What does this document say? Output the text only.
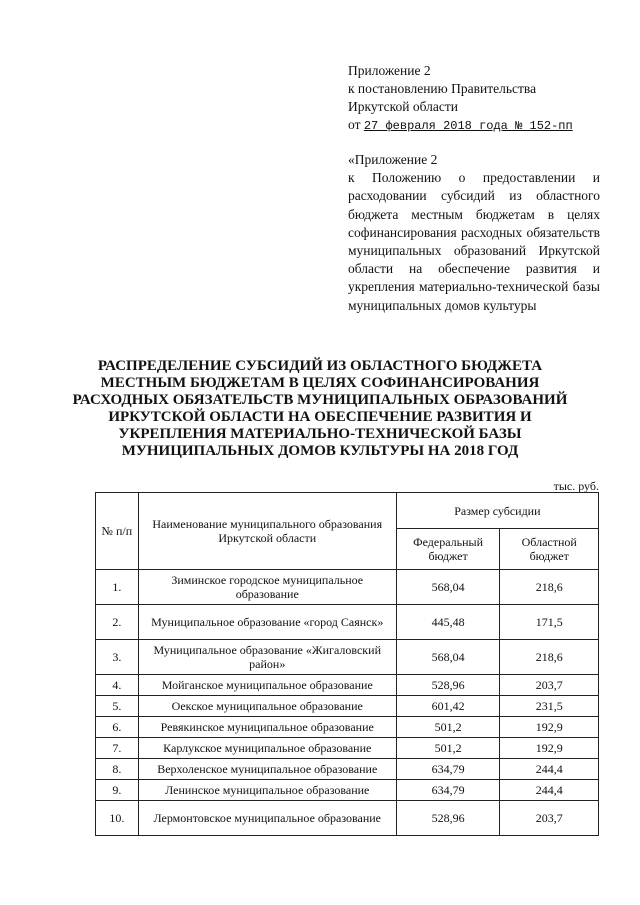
Приложение 2
к постановлению Правительства
Иркутской области
от 27 февраля 2018 года № 152-пп
«Приложение 2
к Положению о предоставлении и расходовании субсидий из областного бюджета местным бюджетам в целях софинансирования расходных обязательств муниципальных образований Иркутской области на обеспечение развития и укрепления материально-технической базы
муниципальных домов культуры
РАСПРЕДЕЛЕНИЕ СУБСИДИЙ ИЗ ОБЛАСТНОГО БЮДЖЕТА МЕСТНЫМ БЮДЖЕТАМ В ЦЕЛЯХ СОФИНАНСИРОВАНИЯ РАСХОДНЫХ ОБЯЗАТЕЛЬСТВ МУНИЦИПАЛЬНЫХ ОБРАЗОВАНИЙ ИРКУТСКОЙ ОБЛАСТИ НА ОБЕСПЕЧЕНИЕ РАЗВИТИЯ И УКРЕПЛЕНИЯ МАТЕРИАЛЬНО-ТЕХНИЧЕСКОЙ БАЗЫ МУНИЦИПАЛЬНЫХ ДОМОВ КУЛЬТУРЫ НА 2018 ГОД
тыс. руб.
№ п/п	Наименование муниципального образования Иркутской области	Размер субсидии	
		Федеральный бюджет	Областной бюджет
1.	Зиминское городское муниципальное образование	568,04	218,6
2.	Муниципальное образование «город Саянск»	445,48	171,5
3.	Муниципальное образование «Жигаловский район»	568,04	218,6
4.	Мойганское муниципальное образование	528,96	203,7
5.	Оекское муниципальное образование	601,42	231,5
6.	Ревякинское муниципальное образование	501,2	192,9
7.	Карлукское муниципальное образование	501,2	192,9
8.	Верхоленское муниципальное образование	634,79	244,4
9.	Ленинское муниципальное образование	634,79	244,4
10.	Лермонтовское муниципальное образование	528,96	203,7
